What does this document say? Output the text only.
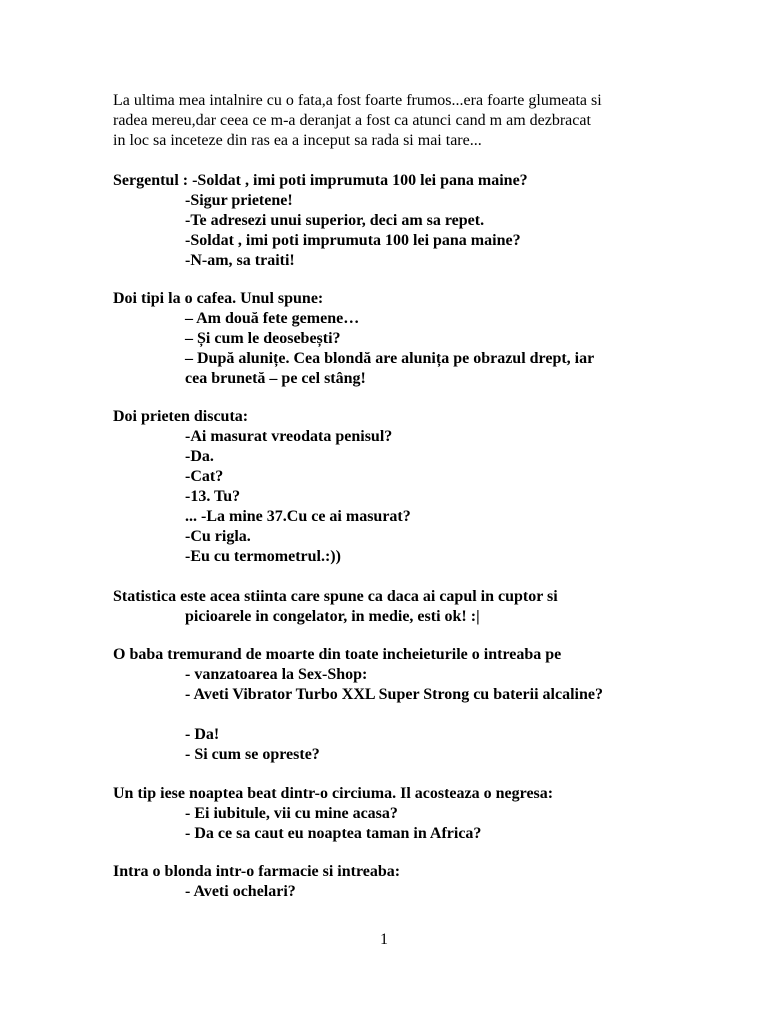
La ultima mea intalnire cu o fata,a fost foarte frumos...era foarte glumeata si
radea mereu,dar ceea ce m-a deranjat a fost ca atunci cand m am dezbracat
in loc sa inceteze din ras ea a inceput sa rada si mai tare...
Sergentul : -Soldat , imi poti imprumuta 100 lei pana maine?
-Sigur prietene!
-Te adresezi unui superior, deci am sa repet.
-Soldat , imi poti imprumuta 100 lei pana maine?
-N-am, sa traiti!
Doi tipi la o cafea. Unul spune:
– Am două fete gemene…
– Și cum le deosebești?
– După alunițe. Cea blondă are alunița pe obrazul drept, iar
cea brunetă – pe cel stâng!
Doi prieten discuta:
-Ai masurat vreodata penisul?
-Da.
-Cat?
-13. Tu?
... -La mine 37.Cu ce ai masurat?
-Cu rigla.
-Eu cu termometrul.:))
Statistica este acea stiinta care spune ca daca ai capul in cuptor si
picioarele in congelator, in medie, esti ok! :|
O baba tremurand de moarte din toate incheieturile o intreaba pe
- vanzatoarea la Sex-Shop:
- Aveti Vibrator Turbo XXL Super Strong cu baterii alcaline?
- Da!
- Si cum se opreste?
Un tip iese noaptea beat dintr-o circiuma. Il acosteaza o negresa:
- Ei iubitule, vii cu mine acasa?
- Da ce sa caut eu noaptea taman in Africa?
Intra o blonda intr-o farmacie si intreaba:
- Aveti ochelari?
1
